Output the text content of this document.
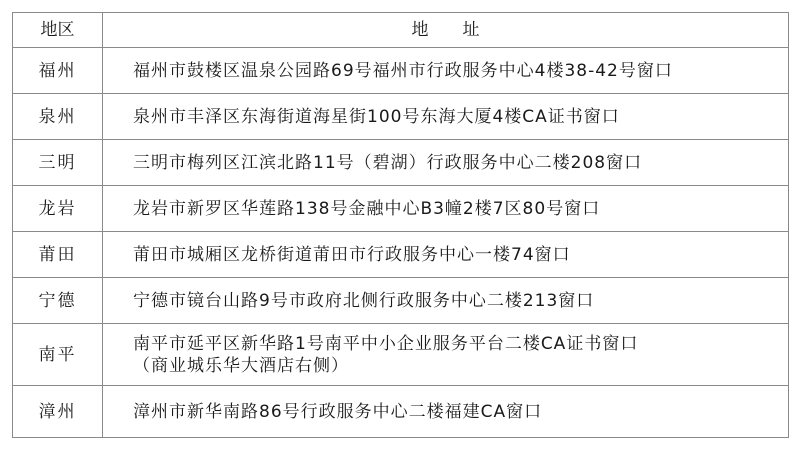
地区	地址
福州	福州市鼓楼区温泉公园路69号福州市行政服务中心4楼38-42号窗口

泉州	泉州市丰泽区东海街道海星街100号东海大厦4楼CA证书窗口

三明	三明市梅列区江滨北路11号（碧湖）行政服务中心二楼208窗口

龙岩	龙岩市新罗区华莲路138号金融中心B3幢2楼7区80号窗口

莆田	莆田市城厢区龙桥街道莆田市行政服务中心一楼74窗口

宁德	宁德市镜台山路9号市政府北侧行政服务中心二楼213窗口

南平	南平市延平区新华路1号南平中小企业服务平台二楼CA证书窗口
（商业城乐华大酒店右侧）

漳州	漳州市新华南路86号行政服务中心二楼福建CA窗口
